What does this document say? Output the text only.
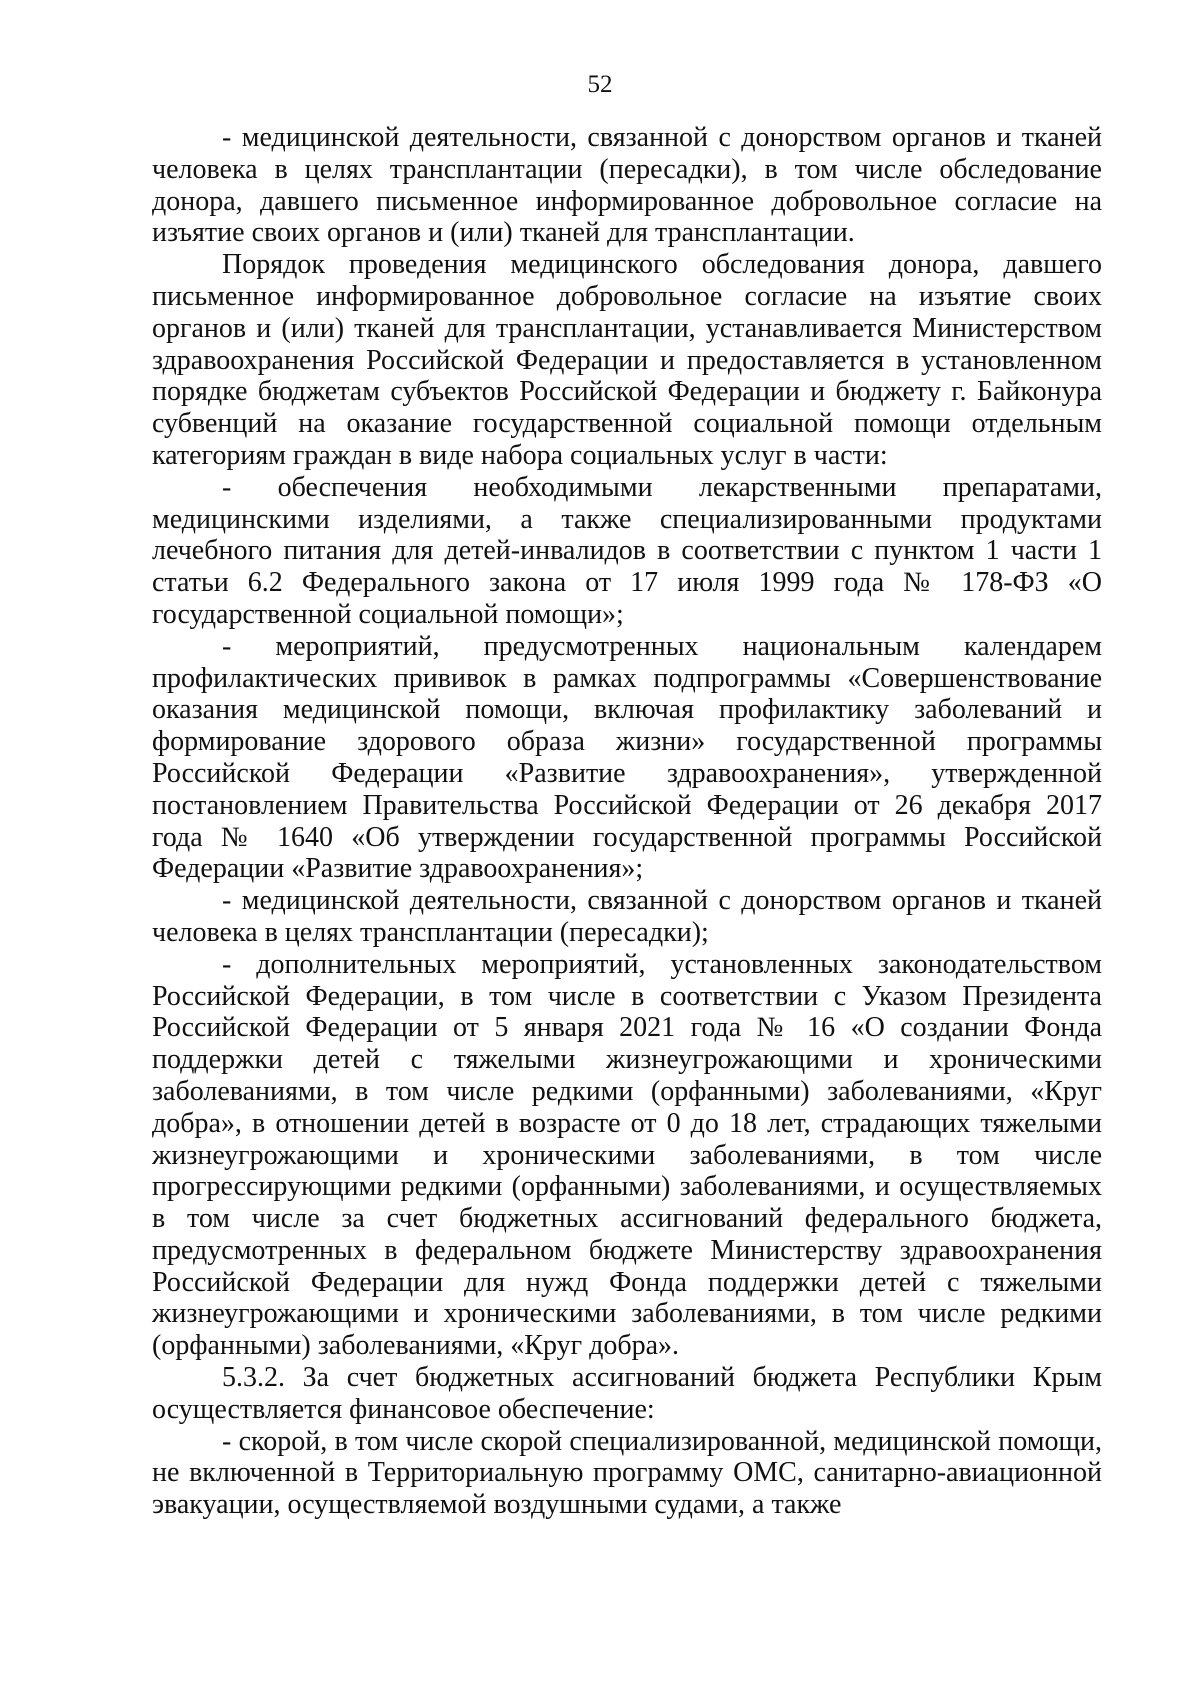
52

- медицинской деятельности, связанной с донорством органов и тканей человека в целях трансплантации (пересадки), в том числе обследование донора, давшего письменное информированное добровольное согласие на изъятие своих органов и (или) тканей для трансплантации.

Порядок проведения медицинского обследования донора, давшего письменное информированное добровольное согласие на изъятие своих органов и (или) тканей для трансплантации, устанавливается Министерством здравоохранения Российской Федерации и предоставляется в установленном порядке бюджетам субъектов Российской Федерации и бюджету г. Байконура субвенций на оказание государственной социальной помощи отдельным категориям граждан в виде набора социальных услуг в части:

- обеспечения необходимыми лекарственными препаратами, медицинскими изделиями, а также специализированными продуктами лечебного питания для детей-инвалидов в соответствии с пунктом 1 части 1 статьи 6.2 Федерального закона от 17 июля 1999 года № 178-ФЗ «О государственной социальной помощи»;

- мероприятий, предусмотренных национальным календарем профилактических прививок в рамках подпрограммы «Совершенствование оказания медицинской помощи, включая профилактику заболеваний и формирование здорового образа жизни» государственной программы Российской Федерации «Развитие здравоохранения», утвержденной постановлением Правительства Российской Федерации от 26 декабря 2017 года № 1640 «Об утверждении государственной программы Российской Федерации «Развитие здравоохранения»;

- медицинской деятельности, связанной с донорством органов и тканей человека в целях трансплантации (пересадки);

- дополнительных мероприятий, установленных законодательством Российской Федерации, в том числе в соответствии с Указом Президента Российской Федерации от 5 января 2021 года № 16 «О создании Фонда поддержки детей с тяжелыми жизнеугрожающими и хроническими заболеваниями, в том числе редкими (орфанными) заболеваниями, «Круг добра», в отношении детей в возрасте от 0 до 18 лет, страдающих тяжелыми жизнеугрожающими и хроническими заболеваниями, в том числе прогрессирующими редкими (орфанными) заболеваниями, и осуществляемых в том числе за счет бюджетных ассигнований федерального бюджета, предусмотренных в федеральном бюджете Министерству здравоохранения Российской Федерации для нужд Фонда поддержки детей с тяжелыми жизнеугрожающими и хроническими заболеваниями, в том числе редкими (орфанными) заболеваниями, «Круг добра».

5.3.2. За счет бюджетных ассигнований бюджета Республики Крым осуществляется финансовое обеспечение:

- скорой, в том числе скорой специализированной, медицинской помощи, не включенной в Территориальную программу ОМС, санитарно-авиационной эвакуации, осуществляемой воздушными судами, а также
